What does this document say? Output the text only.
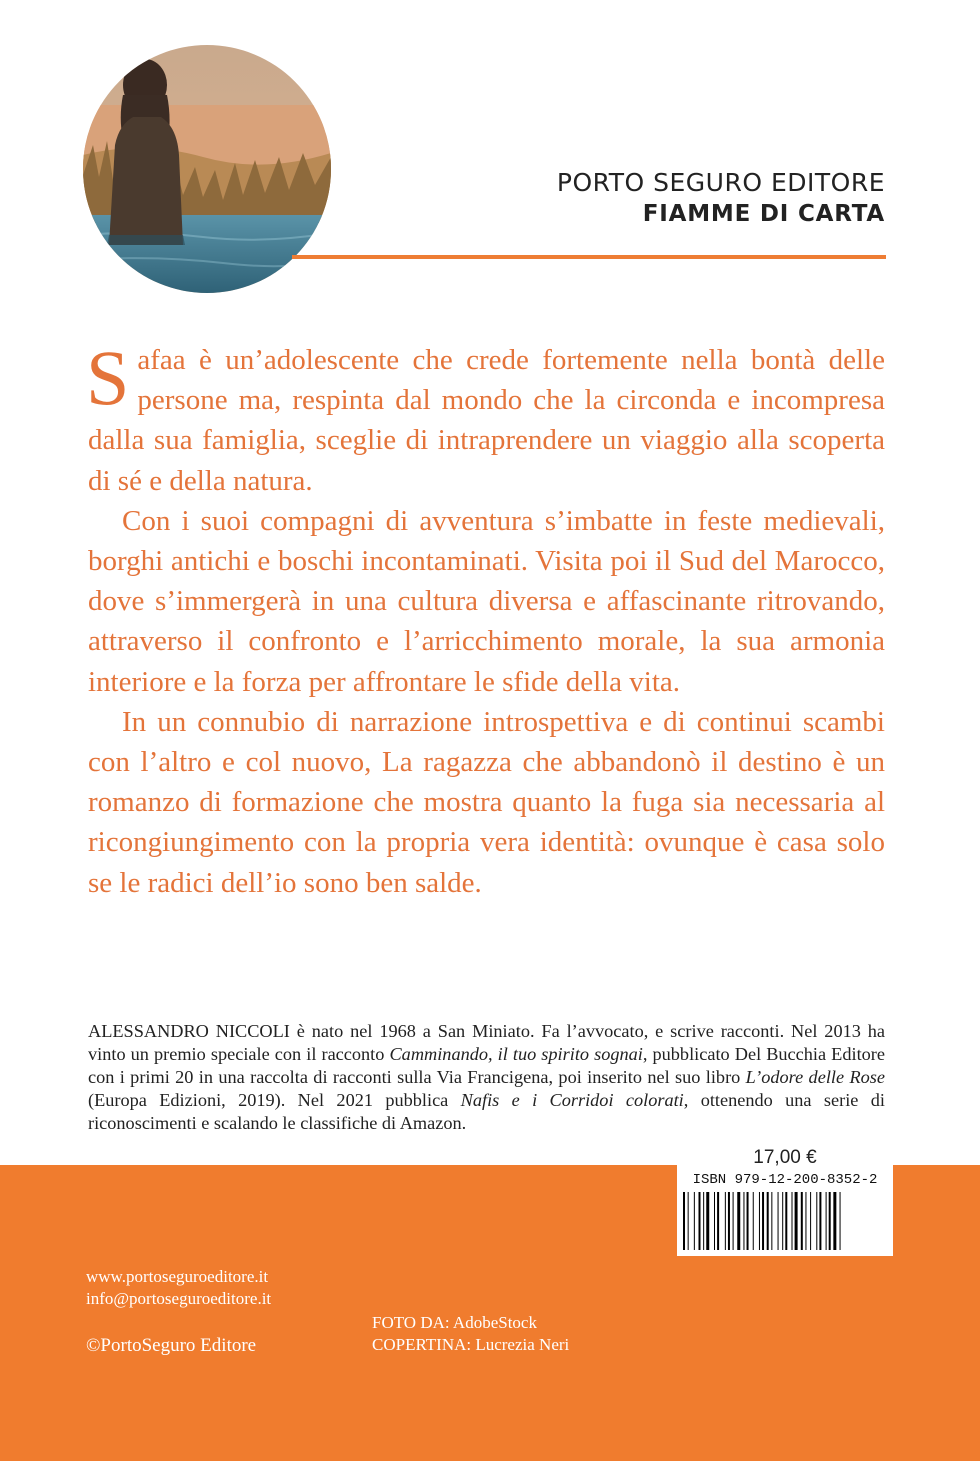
PORTO SEGURO EDITORE
FIAMME DI CARTA

Safaa è un’adolescente che crede fortemente nella bontà delle persone ma, respinta dal mondo che la circonda e incompresa dalla sua famiglia, sceglie di intraprendere un viaggio alla scoperta di sé e della natura.

Con i suoi compagni di avventura s’imbatte in feste medievali, borghi antichi e boschi incontaminati. Visita poi il Sud del Marocco, dove s’immergerà in una cultura diversa e affascinante ritrovando, attraverso il confronto e l’arricchimento morale, la sua armonia interiore e la forza per affrontare le sfide della vita.

In un connubio di narrazione introspettiva e di continui scambi con l’altro e col nuovo, La ragazza che abbandonò il destino è un romanzo di formazione che mostra quanto la fuga sia necessaria al ricongiungimento con la propria vera identità: ovunque è casa solo se le radici dell’io sono ben salde.

ALESSANDRO NICCOLI è nato nel 1968 a San Miniato. Fa l’avvocato, e scrive racconti. Nel 2013 ha vinto un premio speciale con il racconto Camminando, il tuo spirito sognai, pubblicato Del Bucchia Editore con i primi 20 in una raccolta di racconti sulla Via Francigena, poi inserito nel suo libro L’odore delle Rose (Europa Edizioni, 2019). Nel 2021 pubblica Nafis e i Corridoi colorati, ottenendo una serie di riconoscimenti e scalando le classifiche di Amazon.
www.portoseguroeditore.it
info@portoseguroeditore.it
©PortoSeguro Editore
FOTO DA: AdobeStock
COPERTINA: Lucrezia Neri
17,00 €
ISBN 979-12-200-8352-2
